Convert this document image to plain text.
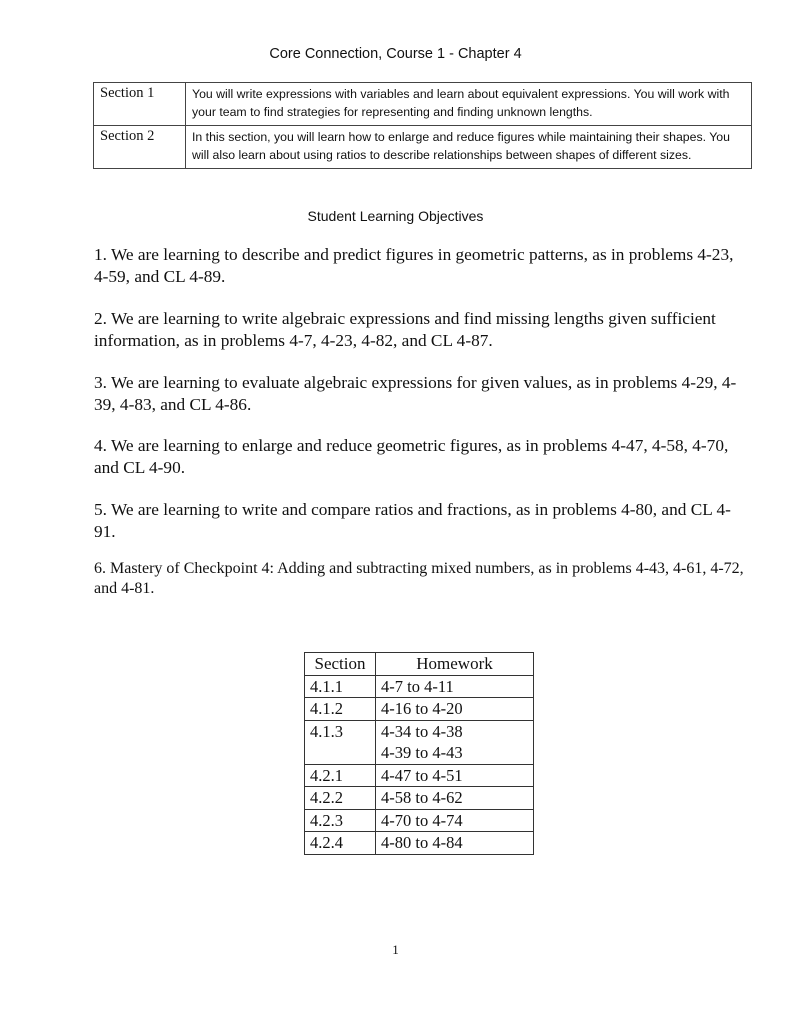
Core Connection, Course 1 - Chapter 4
Section 1	You will write expressions with variables and learn about equivalent expressions. You will work with your team to find strategies for representing and finding unknown lengths.
Section 2	In this section, you will learn how to enlarge and reduce figures while maintaining their shapes. You will also learn about using ratios to describe relationships between shapes of different sizes.
Student Learning Objectives
1. We are learning to describe and predict figures in geometric patterns, as in problems 4-23, 4-59, and CL 4-89.
2. We are learning to write algebraic expressions and find missing lengths given sufficient information, as in problems 4-7, 4-23, 4-82, and CL 4-87.
3. We are learning to evaluate algebraic expressions for given values, as in problems 4-29, 4-39, 4-83, and CL 4-86.
4. We are learning to enlarge and reduce geometric figures, as in problems 4-47, 4-58, 4-70, and CL 4-90.
5. We are learning to write and compare ratios and fractions, as in problems 4-80, and CL 4-91.
6. Mastery of Checkpoint 4: Adding and subtracting mixed numbers, as in problems 4-43, 4-61, 4-72, and 4-81.
Section	Homework
4.1.1	4-7 to 4-11

4.1.2	4-16 to 4-20

4.1.3	4-34 to 4-38
4-39 to 4-43

4.2.1	4-47 to 4-51

4.2.2	4-58 to 4-62

4.2.3	4-70 to 4-74

4.2.4	4-80 to 4-84
1
